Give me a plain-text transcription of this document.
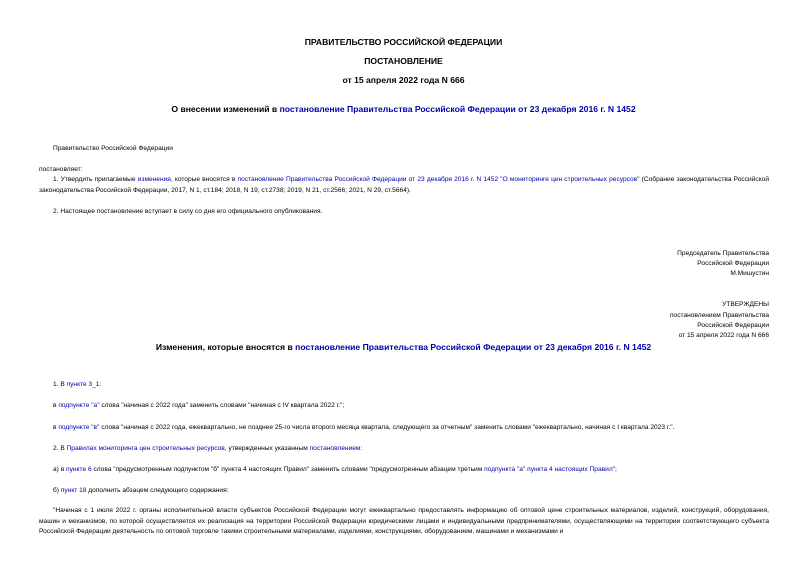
ПРАВИТЕЛЬСТВО РОССИЙСКОЙ ФЕДЕРАЦИИ
ПОСТАНОВЛЕНИЕ
от 15 апреля 2022 года N 666
О внесении изменений в постановление Правительства Российской Федерации от 23 декабря 2016 г. N 1452
Правительство Российской Федерации
постановляет:
1. Утвердить прилагаемые изменения, которые вносятся в постановление Правительства Российской Федерации от 23 декабря 2016 г. N 1452 "О мониторинге цен строительных ресурсов" (Собрание законодательства Российской
законодательства Российской Федерации, 2017, N 1, ст.184; 2018, N 19, ст.2738; 2019, N 21, ст.2566; 2021, N 29, ст.5664).
2. Настоящее постановление вступает в силу со дня его официального опубликования.
Председатель Правительства
Российской Федерации
М.Мишустин
УТВЕРЖДЕНЫ
постановлением Правительства
Российской Федерации
от 15 апреля 2022 года N 666
Изменения, которые вносятся в постановление Правительства Российской Федерации от 23 декабря 2016 г. N 1452
1. В пункте 3_1:
в подпункте "а" слова "начиная с 2022 года" заменить словами "начиная с IV квартала 2022 г.";
в подпункте "в" слова "начиная с 2022 года, ежеквартально, не позднее 25-го числа второго месяца квартала, следующего за отчетным" заменить словами "ежеквартально, начиная с I квартала 2023 г.".
2. В Правилах мониторинга цен строительных ресурсов, утвержденных указанным постановлением:
а) в пункте 6 слова "предусмотренным подпунктом "б" пункта 4 настоящих Правил" заменить словами "предусмотренным абзацем третьим подпункта "а" пункта 4 настоящих Правил";
б) пункт 18 дополнить абзацем следующего содержания:
"Начиная с 1 июля 2022 г. органы исполнительной власти субъектов Российской Федерации могут ежеквартально предоставлять информацию об оптовой цене строительных материалов, изделий, конструкций, оборудования, машин и механизмов, по которой осуществляется их реализация на территории Российской Федерации юридическими лицами и индивидуальными предпринимателями, осуществляющими на территории соответствующего субъекта Российской Федерации деятельность по оптовой торговле такими строительными материалами, изделиями, конструкциями, оборудованием, машинами и механизмами и
